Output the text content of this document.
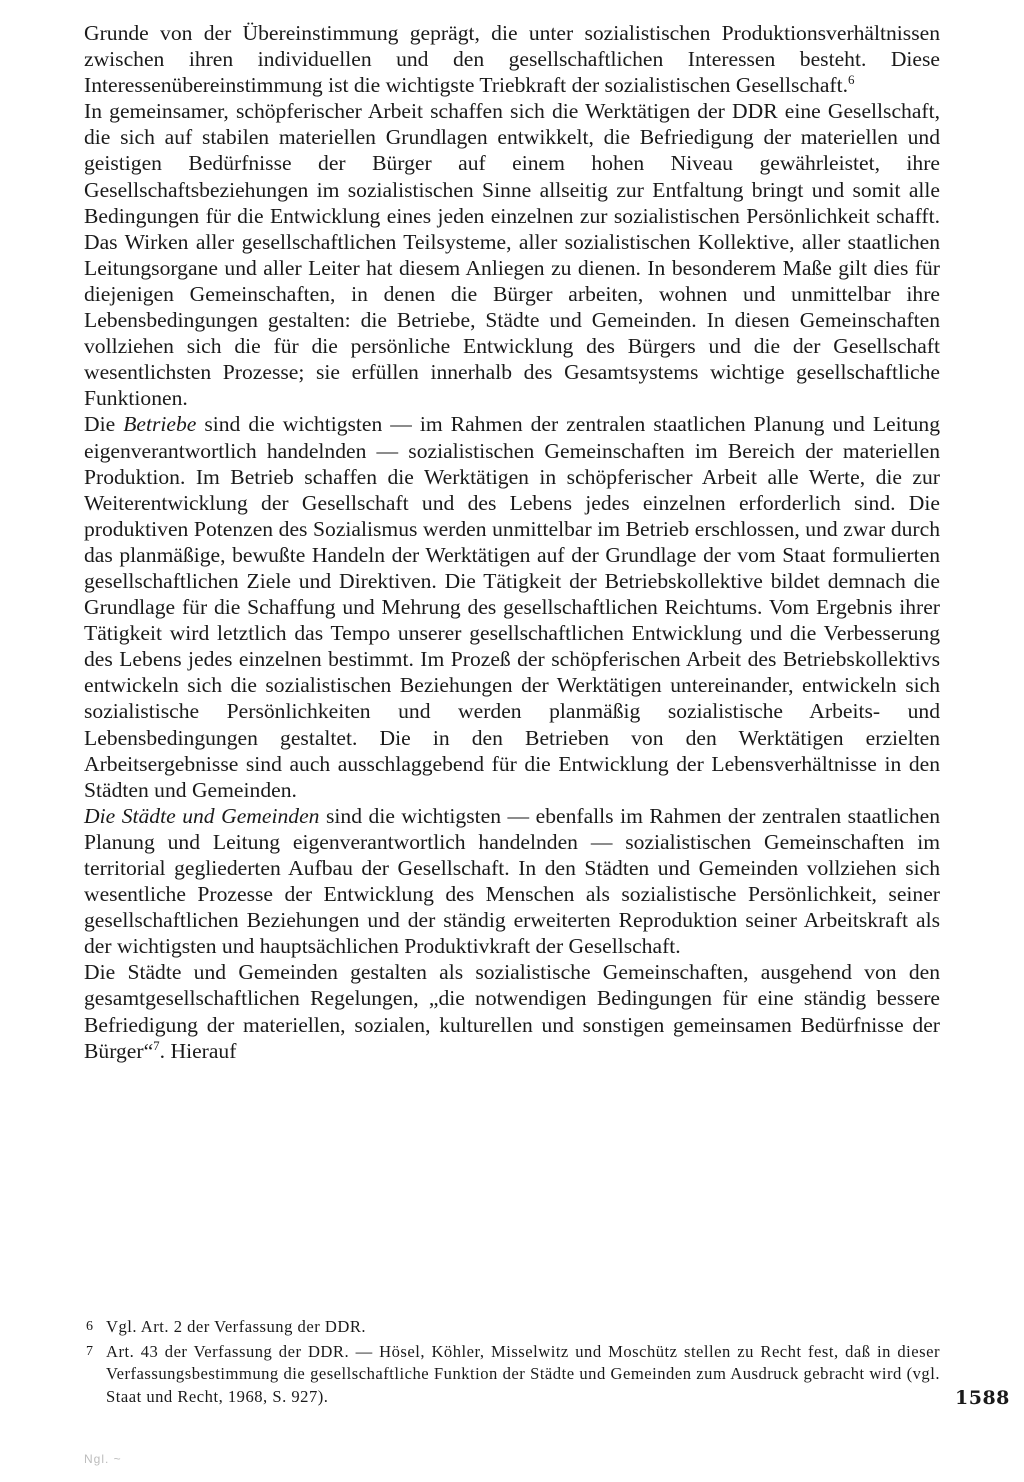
Grunde von der Übereinstimmung geprägt, die unter sozialistischen Produktionsverhältnissen zwischen ihren individuellen und den gesellschaftlichen Interessen besteht. Diese Interessenübereinstimmung ist die wichtigste Triebkraft der sozialistischen Gesellschaft.$^6$

In gemeinsamer, schöpferischer Arbeit schaffen sich die Werktätigen der DDR eine Gesellschaft, die sich auf stabilen materiellen Grundlagen entwikkelt, die Befriedigung der materiellen und geistigen Bedürfnisse der Bürger auf einem hohen Niveau gewährleistet, ihre Gesellschaftsbeziehungen im sozialistischen Sinne allseitig zur Entfaltung bringt und somit alle Bedingungen für die Entwicklung eines jeden einzelnen zur sozialistischen Persönlichkeit schafft. Das Wirken aller gesellschaftlichen Teilsysteme, aller sozialistischen Kollektive, aller staatlichen Leitungsorgane und aller Leiter hat diesem Anliegen zu dienen. In besonderem Maße gilt dies für diejenigen Gemeinschaften, in denen die Bürger arbeiten, wohnen und unmittelbar ihre Lebensbedingungen gestalten: die Betriebe, Städte und Gemeinden. In diesen Gemeinschaften vollziehen sich die für die persönliche Entwicklung des Bürgers und die der Gesellschaft wesentlichsten Prozesse; sie erfüllen innerhalb des Gesamtsystems wichtige gesellschaftliche Funktionen.

Die Betriebe sind die wichtigsten — im Rahmen der zentralen staatlichen Planung und Leitung eigenverantwortlich handelnden — sozialistischen Gemeinschaften im Bereich der materiellen Produktion. Im Betrieb schaffen die Werktätigen in schöpferischer Arbeit alle Werte, die zur Weiterentwicklung der Gesellschaft und des Lebens jedes einzelnen erforderlich sind. Die produktiven Potenzen des Sozialismus werden unmittelbar im Betrieb erschlossen, und zwar durch das planmäßige, bewußte Handeln der Werktätigen auf der Grundlage der vom Staat formulierten gesellschaftlichen Ziele und Direktiven. Die Tätigkeit der Betriebskollektive bildet demnach die Grundlage für die Schaffung und Mehrung des gesellschaftlichen Reichtums. Vom Ergebnis ihrer Tätigkeit wird letztlich das Tempo unserer gesellschaftlichen Entwicklung und die Verbesserung des Lebens jedes einzelnen bestimmt. Im Prozeß der schöpferischen Arbeit des Betriebskollektivs entwickeln sich die sozialistischen Beziehungen der Werktätigen untereinander, entwickeln sich sozialistische Persönlichkeiten und werden planmäßig sozialistische Arbeits- und Lebensbedingungen gestaltet. Die in den Betrieben von den Werktätigen erzielten Arbeitsergebnisse sind auch ausschlaggebend für die Entwicklung der Lebensverhältnisse in den Städten und Gemeinden.

Die Städte und Gemeinden sind die wichtigsten — ebenfalls im Rahmen der zentralen staatlichen Planung und Leitung eigenverantwortlich handelnden — sozialistischen Gemeinschaften im territorial gegliederten Aufbau der Gesellschaft. In den Städten und Gemeinden vollziehen sich wesentliche Prozesse der Entwicklung des Menschen als sozialistische Persönlichkeit, seiner gesellschaftlichen Beziehungen und der ständig erweiterten Reproduktion seiner Arbeitskraft als der wichtigsten und hauptsächlichen Produktivkraft der Gesellschaft.

Die Städte und Gemeinden gestalten als sozialistische Gemeinschaften, ausgehend von den gesamtgesellschaftlichen Regelungen, „die notwendigen Bedingungen für eine ständig bessere Befriedigung der materiellen, sozialen, kulturellen und sonstigen gemeinsamen Bedürfnisse der Bürger“$^7$. Hierauf

6 Vgl. Art. 2 der Verfassung der DDR.

7 Art. 43 der Verfassung der DDR. — Hösel, Köhler, Misselwitz und Moschütz stellen zu Recht fest, daß in dieser Verfassungsbestimmung die gesellschaftliche Funktion der Städte und Gemeinden zum Ausdruck gebracht wird (vgl. Staat und Recht, 1968, S. 927).	1588
Ngl. ~
